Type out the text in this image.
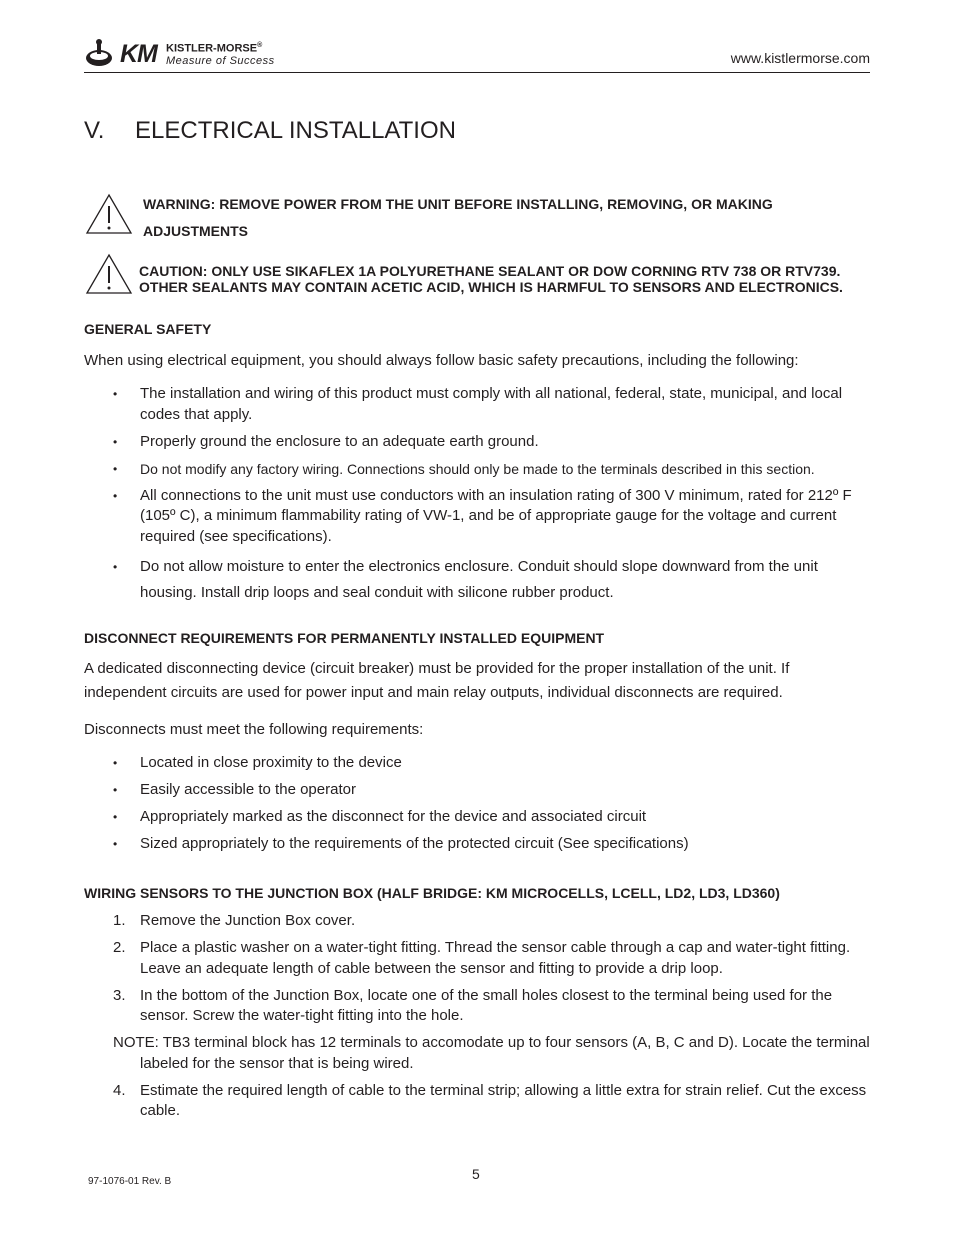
KM KISTLER-MORSE®
Measure of Success	www.kistlermorse.com
V. ELECTRICAL INSTALLATION
WARNING: REMOVE POWER FROM THE UNIT BEFORE INSTALLING, REMOVING, OR MAKING ADJUSTMENTS
CAUTION: ONLY USE SIKAFLEX 1A POLYURETHANE SEALANT OR DOW CORNING RTV 738 OR RTV739. OTHER SEALANTS MAY CONTAIN ACETIC ACID, WHICH IS HARMFUL TO SENSORS AND ELECTRONICS.
GENERAL SAFETY
When using electrical equipment, you should always follow basic safety precautions, including the following:
• The installation and wiring of this product must comply with all national, federal, state, municipal, and local codes that apply.
• Properly ground the enclosure to an adequate earth ground.
• Do not modify any factory wiring. Connections should only be made to the terminals described in this section.
• All connections to the unit must use conductors with an insulation rating of 300 V minimum, rated for 212º F (105º C), a minimum flammability rating of VW-1, and be of appropriate gauge for the voltage and current required (see specifications).
• Do not allow moisture to enter the electronics enclosure. Conduit should slope downward from the unit housing. Install drip loops and seal conduit with silicone rubber product.
DISCONNECT REQUIREMENTS FOR PERMANENTLY INSTALLED EQUIPMENT
A dedicated disconnecting device (circuit breaker) must be provided for the proper installation of the unit. If independent circuits are used for power input and main relay outputs, individual disconnects are required.
Disconnects must meet the following requirements:
• Located in close proximity to the device
• Easily accessible to the operator
• Appropriately marked as the disconnect for the device and associated circuit
• Sized appropriately to the requirements of the protected circuit (See specifications)
WIRING SENSORS TO THE JUNCTION BOX (HALF BRIDGE: KM MICROCELLS, LCELL, LD2, LD3, LD360)
1. Remove the Junction Box cover.
2. Place a plastic washer on a water-tight fitting. Thread the sensor cable through a cap and water-tight fitting. Leave an adequate length of cable between the sensor and fitting to provide a drip loop.
3. In the bottom of the Junction Box, locate one of the small holes closest to the terminal being used for the sensor. Screw the water-tight fitting into the hole.
NOTE: TB3 terminal block has 12 terminals to accomodate up to four sensors (A, B, C and D). Locate the terminal labeled for the sensor that is being wired.
4. Estimate the required length of cable to the terminal strip; allowing a little extra for strain relief. Cut the excess cable.
5
97-1076-01 Rev. B
